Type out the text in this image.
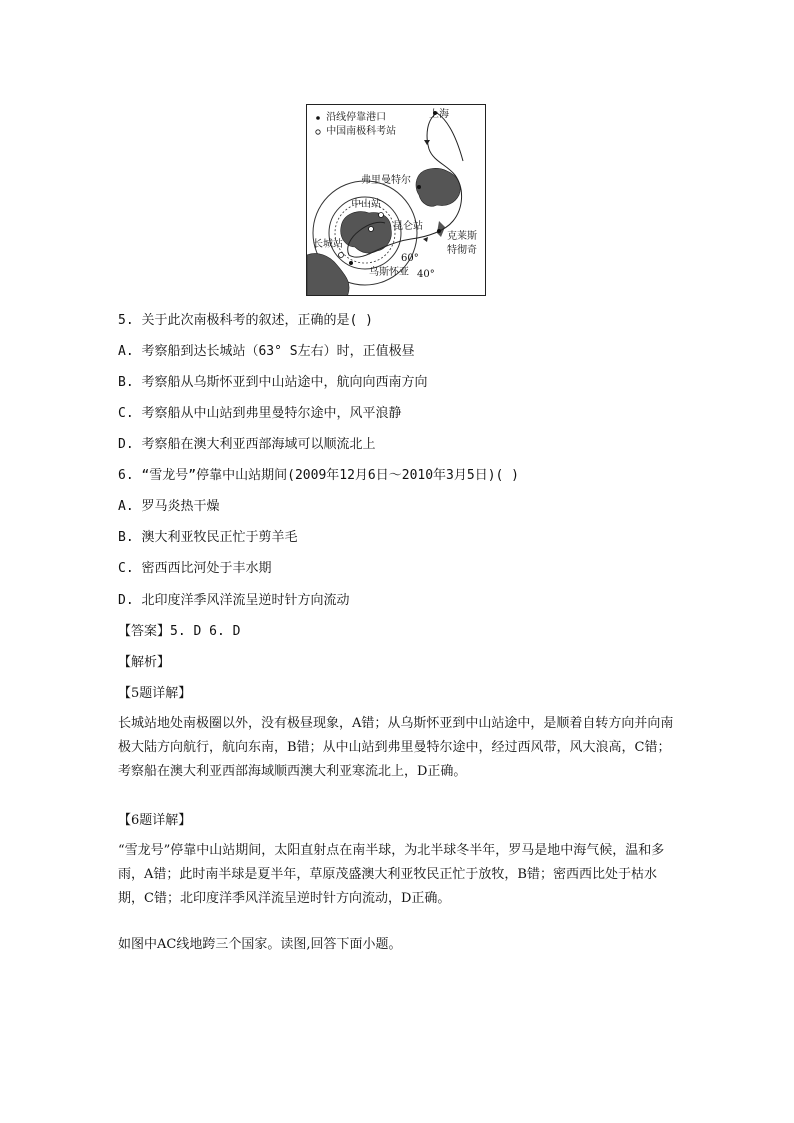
沿线停靠港口
中国南极科考站
上海
弗里曼特尔
中山站
昆仑站
长城站
克莱斯
特彻奇
乌斯怀亚
60°
40°
5. 关于此次南极科考的叙述，正确的是( )
A. 考察船到达长城站（63° S左右）时，正值极昼
B. 考察船从乌斯怀亚到中山站途中，航向向西南方向
C. 考察船从中山站到弗里曼特尔途中，风平浪静
D. 考察船在澳大利亚西部海域可以顺流北上
6. “雪龙号”停靠中山站期间(2009年12月6日～2010年3月5日)( )
A. 罗马炎热干燥
B. 澳大利亚牧民正忙于剪羊毛
C. 密西西比河处于丰水期
D. 北印度洋季风洋流呈逆时针方向流动
【答案】5. D 6. D
【解析】
【5题详解】
长城站地处南极圈以外，没有极昼现象，A错；从乌斯怀亚到中山站途中，是顺着自转方向并向南极大陆方向航行，航向东南，B错；从中山站到弗里曼特尔途中，经过西风带，风大浪高，C错；考察船在澳大利亚西部海域顺西澳大利亚寒流北上，D正确。
【6题详解】
“雪龙号”停靠中山站期间，太阳直射点在南半球，为北半球冬半年，罗马是地中海气候，温和多雨，A错；此时南半球是夏半年，草原茂盛澳大利亚牧民正忙于放牧，B错；密西西比处于枯水期，C错；北印度洋季风洋流呈逆时针方向流动，D正确。
如图中AC线地跨三个国家。读图,回答下面小题。
